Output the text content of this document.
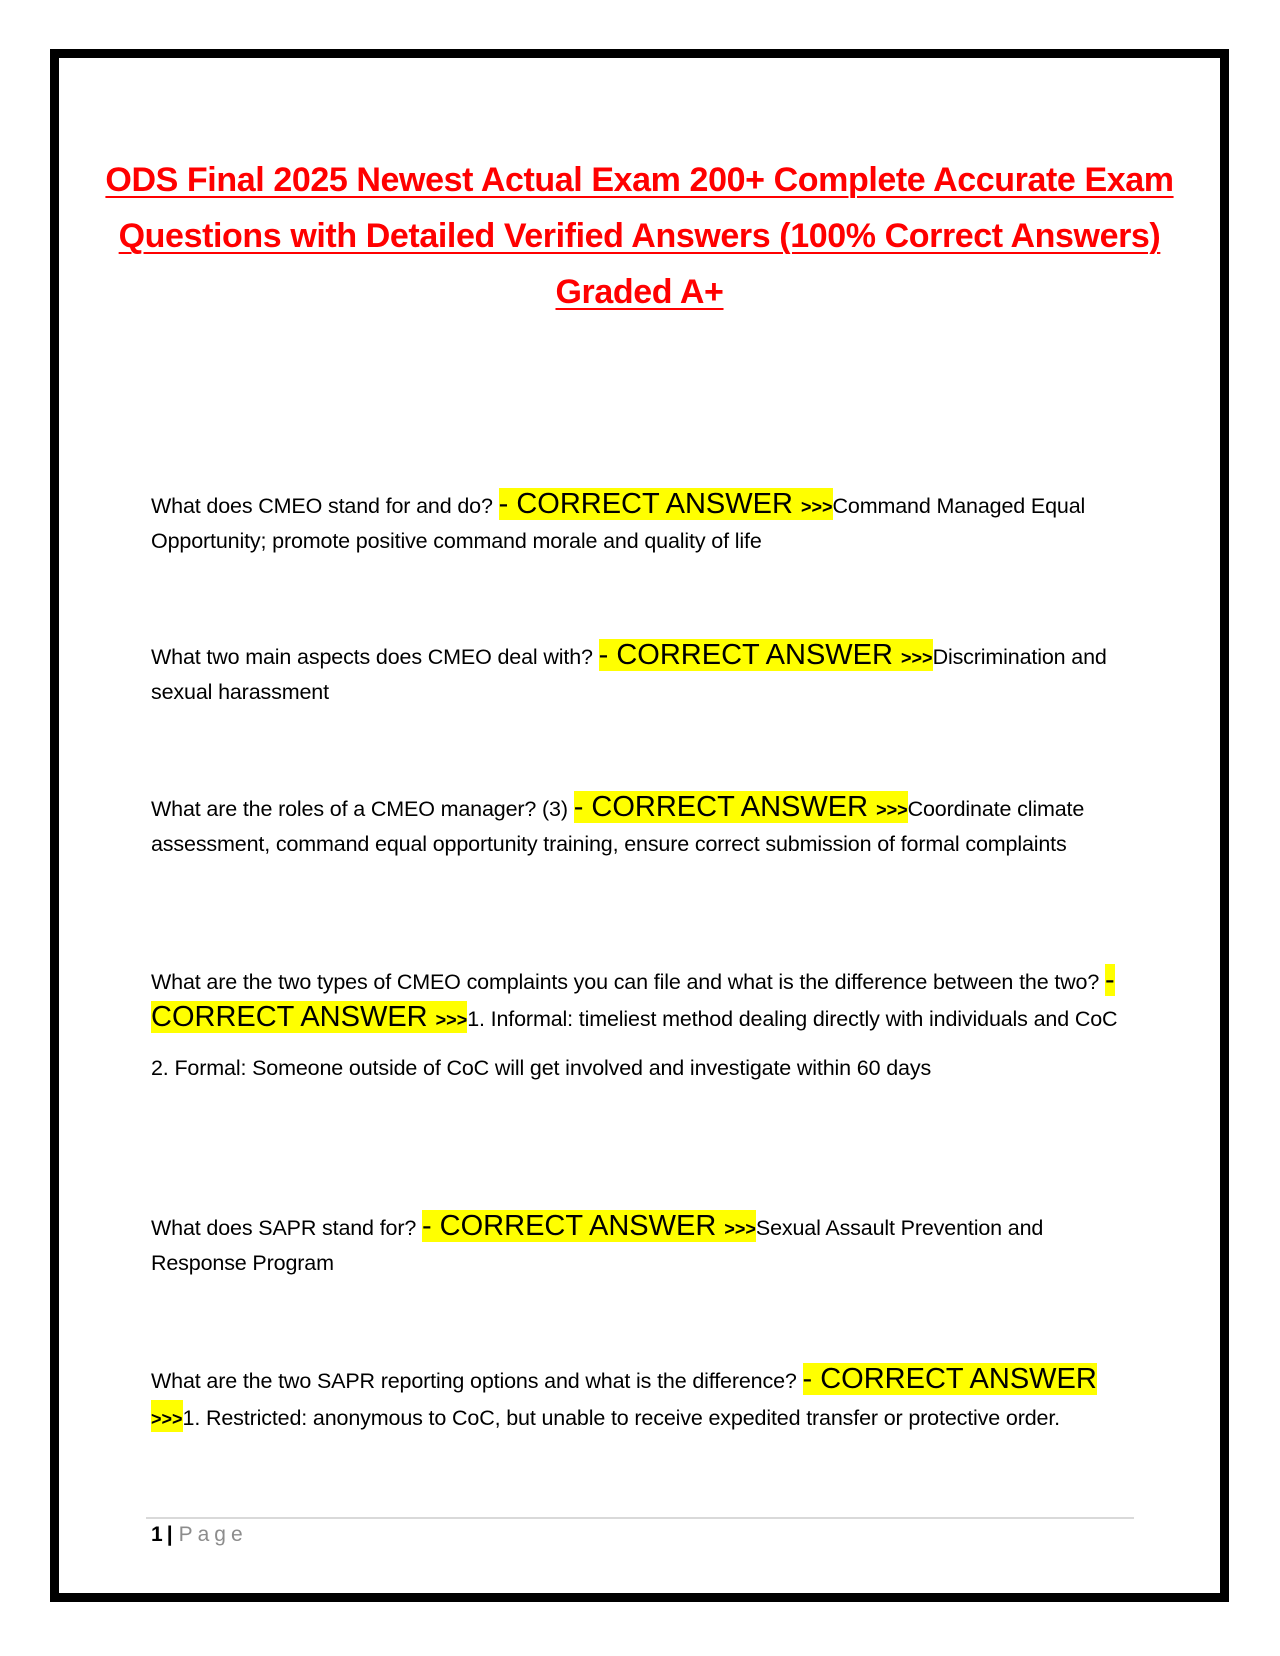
ODS Final 2025 Newest Actual Exam 200+ Complete Accurate Exam Questions with Detailed Verified Answers (100% Correct Answers) Graded A+
What does CMEO stand for and do? - CORRECT ANSWER >>>Command Managed Equal Opportunity; promote positive command morale and quality of life
What two main aspects does CMEO deal with? - CORRECT ANSWER >>>Discrimination and sexual harassment
What are the roles of a CMEO manager? (3) - CORRECT ANSWER >>>Coordinate climate assessment, command equal opportunity training, ensure correct submission of formal complaints
What are the two types of CMEO complaints you can file and what is the difference between the two? - CORRECT ANSWER >>>1. Informal: timeliest method dealing directly with individuals and CoC
2. Formal: Someone outside of CoC will get involved and investigate within 60 days
What does SAPR stand for? - CORRECT ANSWER >>>Sexual Assault Prevention and Response Program
What are the two SAPR reporting options and what is the difference? - CORRECT ANSWER >>>1. Restricted: anonymous to CoC, but unable to receive expedited transfer or protective order.
1 | Page
